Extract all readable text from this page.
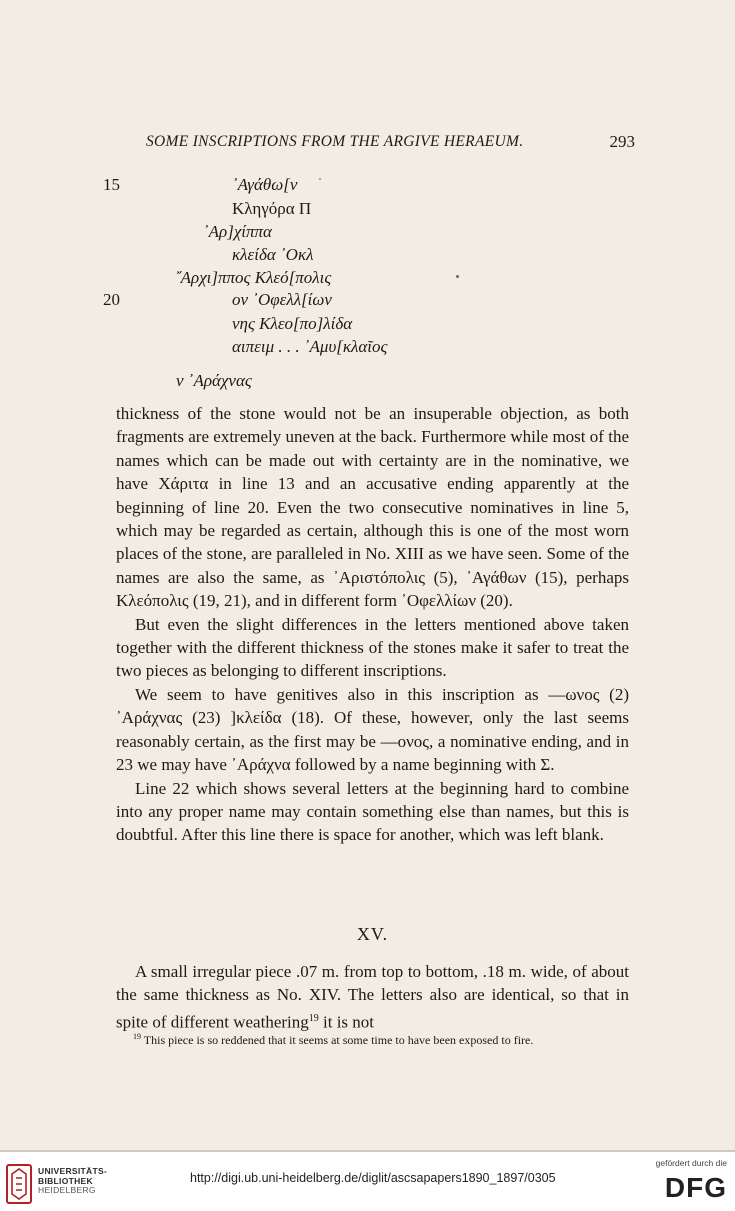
SOME INSCRIPTIONS FROM THE ARGIVE HERAEUM.	293
15
20
᾿Αγάθω[ν
Κληγόρα Π
᾿Αρ]χίππα
κλείδα ᾿Οκλ
῎Αρχι]ππος Κλεό[πολις
ον ᾿Οφελλ[ίων
νης Κλεο[πο]λίδα
αιπειμ . . . ᾿Αμυ[κλαῖος
ν ᾿Αράχνας

thickness of the stone would not be an insuperable objection, as both fragments are extremely uneven at the back. Furthermore while most of the names which can be made out with certainty are in the nominative, we have Χάριτα in line 13 and an accusative ending apparently at the beginning of line 20. Even the two consecutive nominatives in line 5, which may be regarded as certain, although this is one of the most worn places of the stone, are paralleled in No. XIII as we have seen. Some of the names are also the same, as ᾿Αριστόπολις (5), ᾿Αγάθων (15), perhaps Κλεόπολις (19, 21), and in different form ᾿Οφελλίων (20).

But even the slight differences in the letters mentioned above taken together with the different thickness of the stones make it safer to treat the two pieces as belonging to different inscriptions.

We seem to have genitives also in this inscription as —ωνος (2) ᾿Αράχνας (23) ]κλείδα (18). Of these, however, only the last seems reasonably certain, as the first may be —ονος, a nominative ending, and in 23 we may have ᾿Αράχνα followed by a name beginning with Σ.

Line 22 which shows several letters at the beginning hard to combine into any proper name may contain something else than names, but this is doubtful. After this line there is space for another, which was left blank.

XV.

A small irregular piece .07 m. from top to bottom, .18 m. wide, of about the same thickness as No. XIV. The letters also are identical, so that in spite of different weathering$^{19}$ it is not

$^{19}$ This piece is so reddened that it seems at some time to have been exposed to fire.
UNIVERSITÄTS-
BIBLIOTHEK
HEIDELBERG
http://digi.ub.uni-heidelberg.de/diglit/ascsapapers1890_1897/0305
gefördert durch die
DFG
